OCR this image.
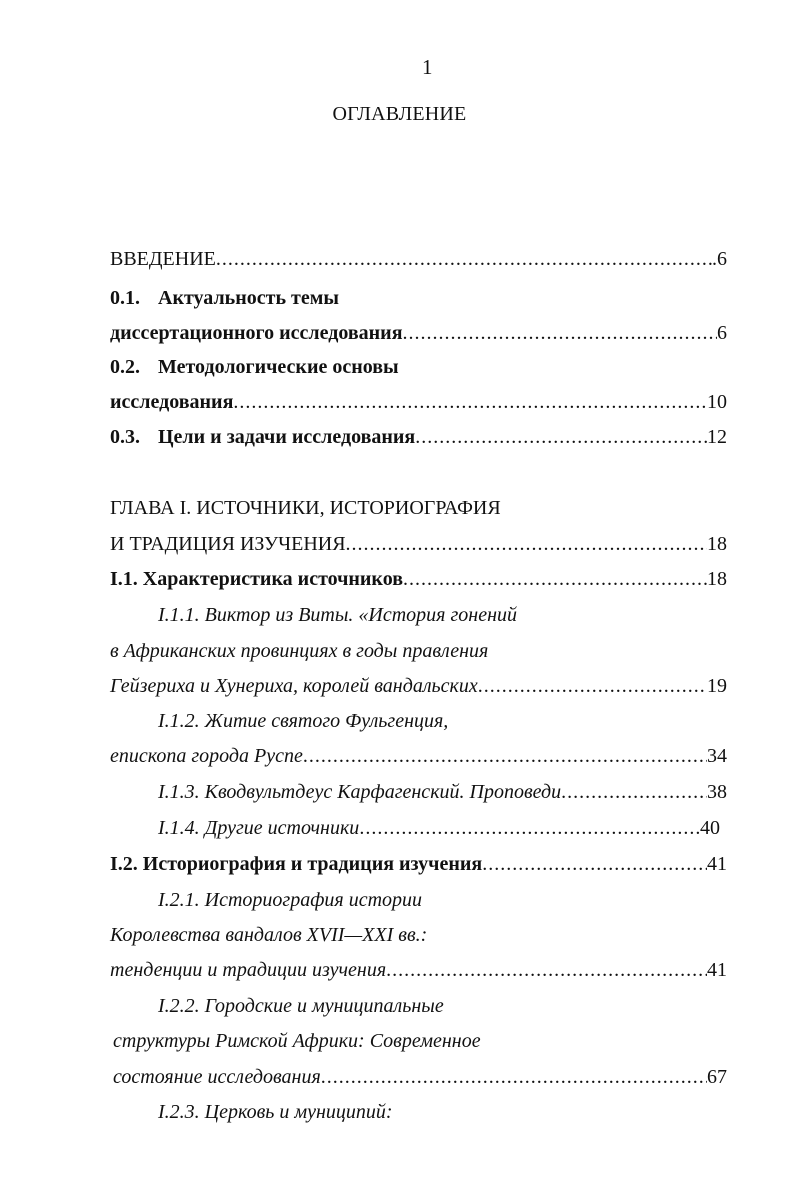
1
ОГЛАВЛЕНИЕ
ВВЕДЕНИЕ .....	.6
0.1. Актуальность темы
диссертационного исследования .....	6
0.2. Методологические основы
исследования .....	10
0.3. Цели и задачи исследования .....	12
ГЛАВА I. ИСТОЧНИКИ, ИСТОРИОГРАФИЯ
И ТРАДИЦИЯ ИЗУЧЕНИЯ .....	18
I.1. Характеристика источников .....	18
I.1.1. Виктор из Виты. «История гонений
в Африканских провинциях в годы правления
Гейзериха и Хунериха, королей вандальских .....	19
I.1.2. Житие святого Фульгенция,
епископа города Руспе .....	34
I.1.3. Кводвультдеус Карфагенский. Проповеди .....	38
I.1.4. Другие источники .....	40
I.2. Историография и традиция изучения .....	41
I.2.1. Историография истории
Королевства вандалов XVII—XXI вв.:
тенденции и традиции изучения .....	41
I.2.2. Городские и муниципальные
структуры Римской Африки: Современное
состояние исследования .....	67
I.2.3. Церковь и муниципий:
